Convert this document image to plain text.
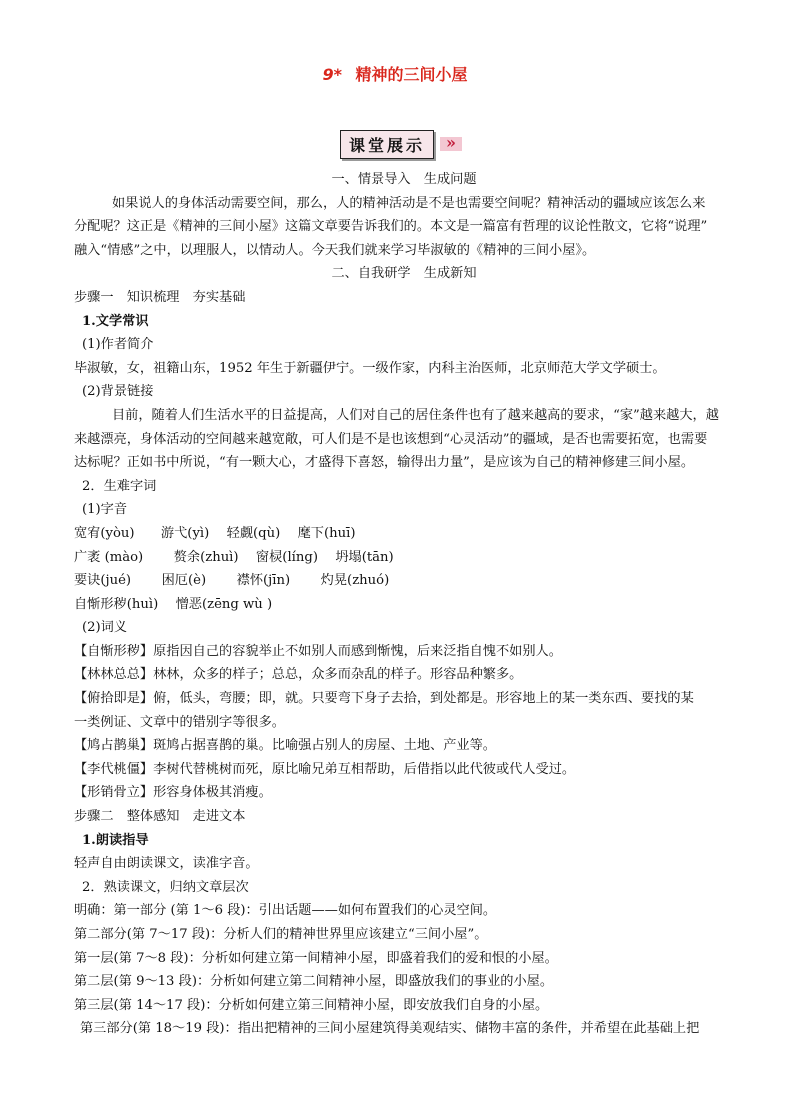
9* 精神的三间小屋
课堂展示
»
一、情景导入　生成问题
如果说人的身体活动需要空间，那么，人的精神活动是不是也需要空间呢？精神活动的疆域应该怎么来
分配呢？这正是《精神的三间小屋》这篇文章要告诉我们的。本文是一篇富有哲理的议论性散文，它将“说理”
融入“情感”之中，以理服人，以情动人。今天我们就来学习毕淑敏的《精神的三间小屋》。
二、自我研学　生成新知
步骤一　知识梳理　夯实基础
1.文学常识
(1)作者简介
毕淑敏，女，祖籍山东，1952 年生于新疆伊宁。一级作家，内科主治医师，北京师范大学文学硕士。
(2)背景链接
目前，随着人们生活水平的日益提高，人们对自己的居住条件也有了越来越高的要求，“家”越来越大，越
来越漂亮，身体活动的空间越来越宽敞，可人们是不是也该想到“心灵活动”的疆域，是否也需要拓宽，也需要
达标呢？正如书中所说，“有一颗大心，才盛得下喜怒，输得出力量”，是应该为自己的精神修建三间小屋。
2．生难字词
(1)字音
宽宥(yòu)　　游弋(yì)　 轻觑(qù)　 麾下(huī)
广袤 (mào)　　 赘余(zhuì)　 窗棂(líng)　 坍塌(tān)
要诀(jué)　　 困厄(è)　　 襟怀(jīn)　　 灼晃(zhuó)
自惭形秽(huì)　 憎恶(zēng wù )
(2)词义
【自惭形秽】原指因自己的容貌举止不如别人而感到惭愧，后来泛指自愧不如别人。
【林林总总】林林，众多的样子；总总，众多而杂乱的样子。形容品种繁多。
【俯拾即是】俯，低头，弯腰；即，就。只要弯下身子去拾，到处都是。形容地上的某一类东西、要找的某
一类例证、文章中的错别字等很多。
【鸠占鹊巢】斑鸠占据喜鹊的巢。比喻强占别人的房屋、土地、产业等。
【李代桃僵】李树代替桃树而死，原比喻兄弟互相帮助，后借指以此代彼或代人受过。
【形销骨立】形容身体极其消瘦。
步骤二　整体感知　走进文本
1.朗读指导
轻声自由朗读课文，读准字音。
2．熟读课文，归纳文章层次
明确：第一部分 (第 1～6 段)：引出话题——如何布置我们的心灵空间。
第二部分(第 7～17 段)：分析人们的精神世界里应该建立“三间小屋”。
第一层(第 7～8 段)：分析如何建立第一间精神小屋，即盛着我们的爱和恨的小屋。
第二层(第 9～13 段)：分析如何建立第二间精神小屋，即盛放我们的事业的小屋。
第三层(第 14～17 段)：分析如何建立第三间精神小屋，即安放我们自身的小屋。
第三部分(第 18～19 段)：指出把精神的三间小屋建筑得美观结实、储物丰富的条件，并希望在此基础上把
